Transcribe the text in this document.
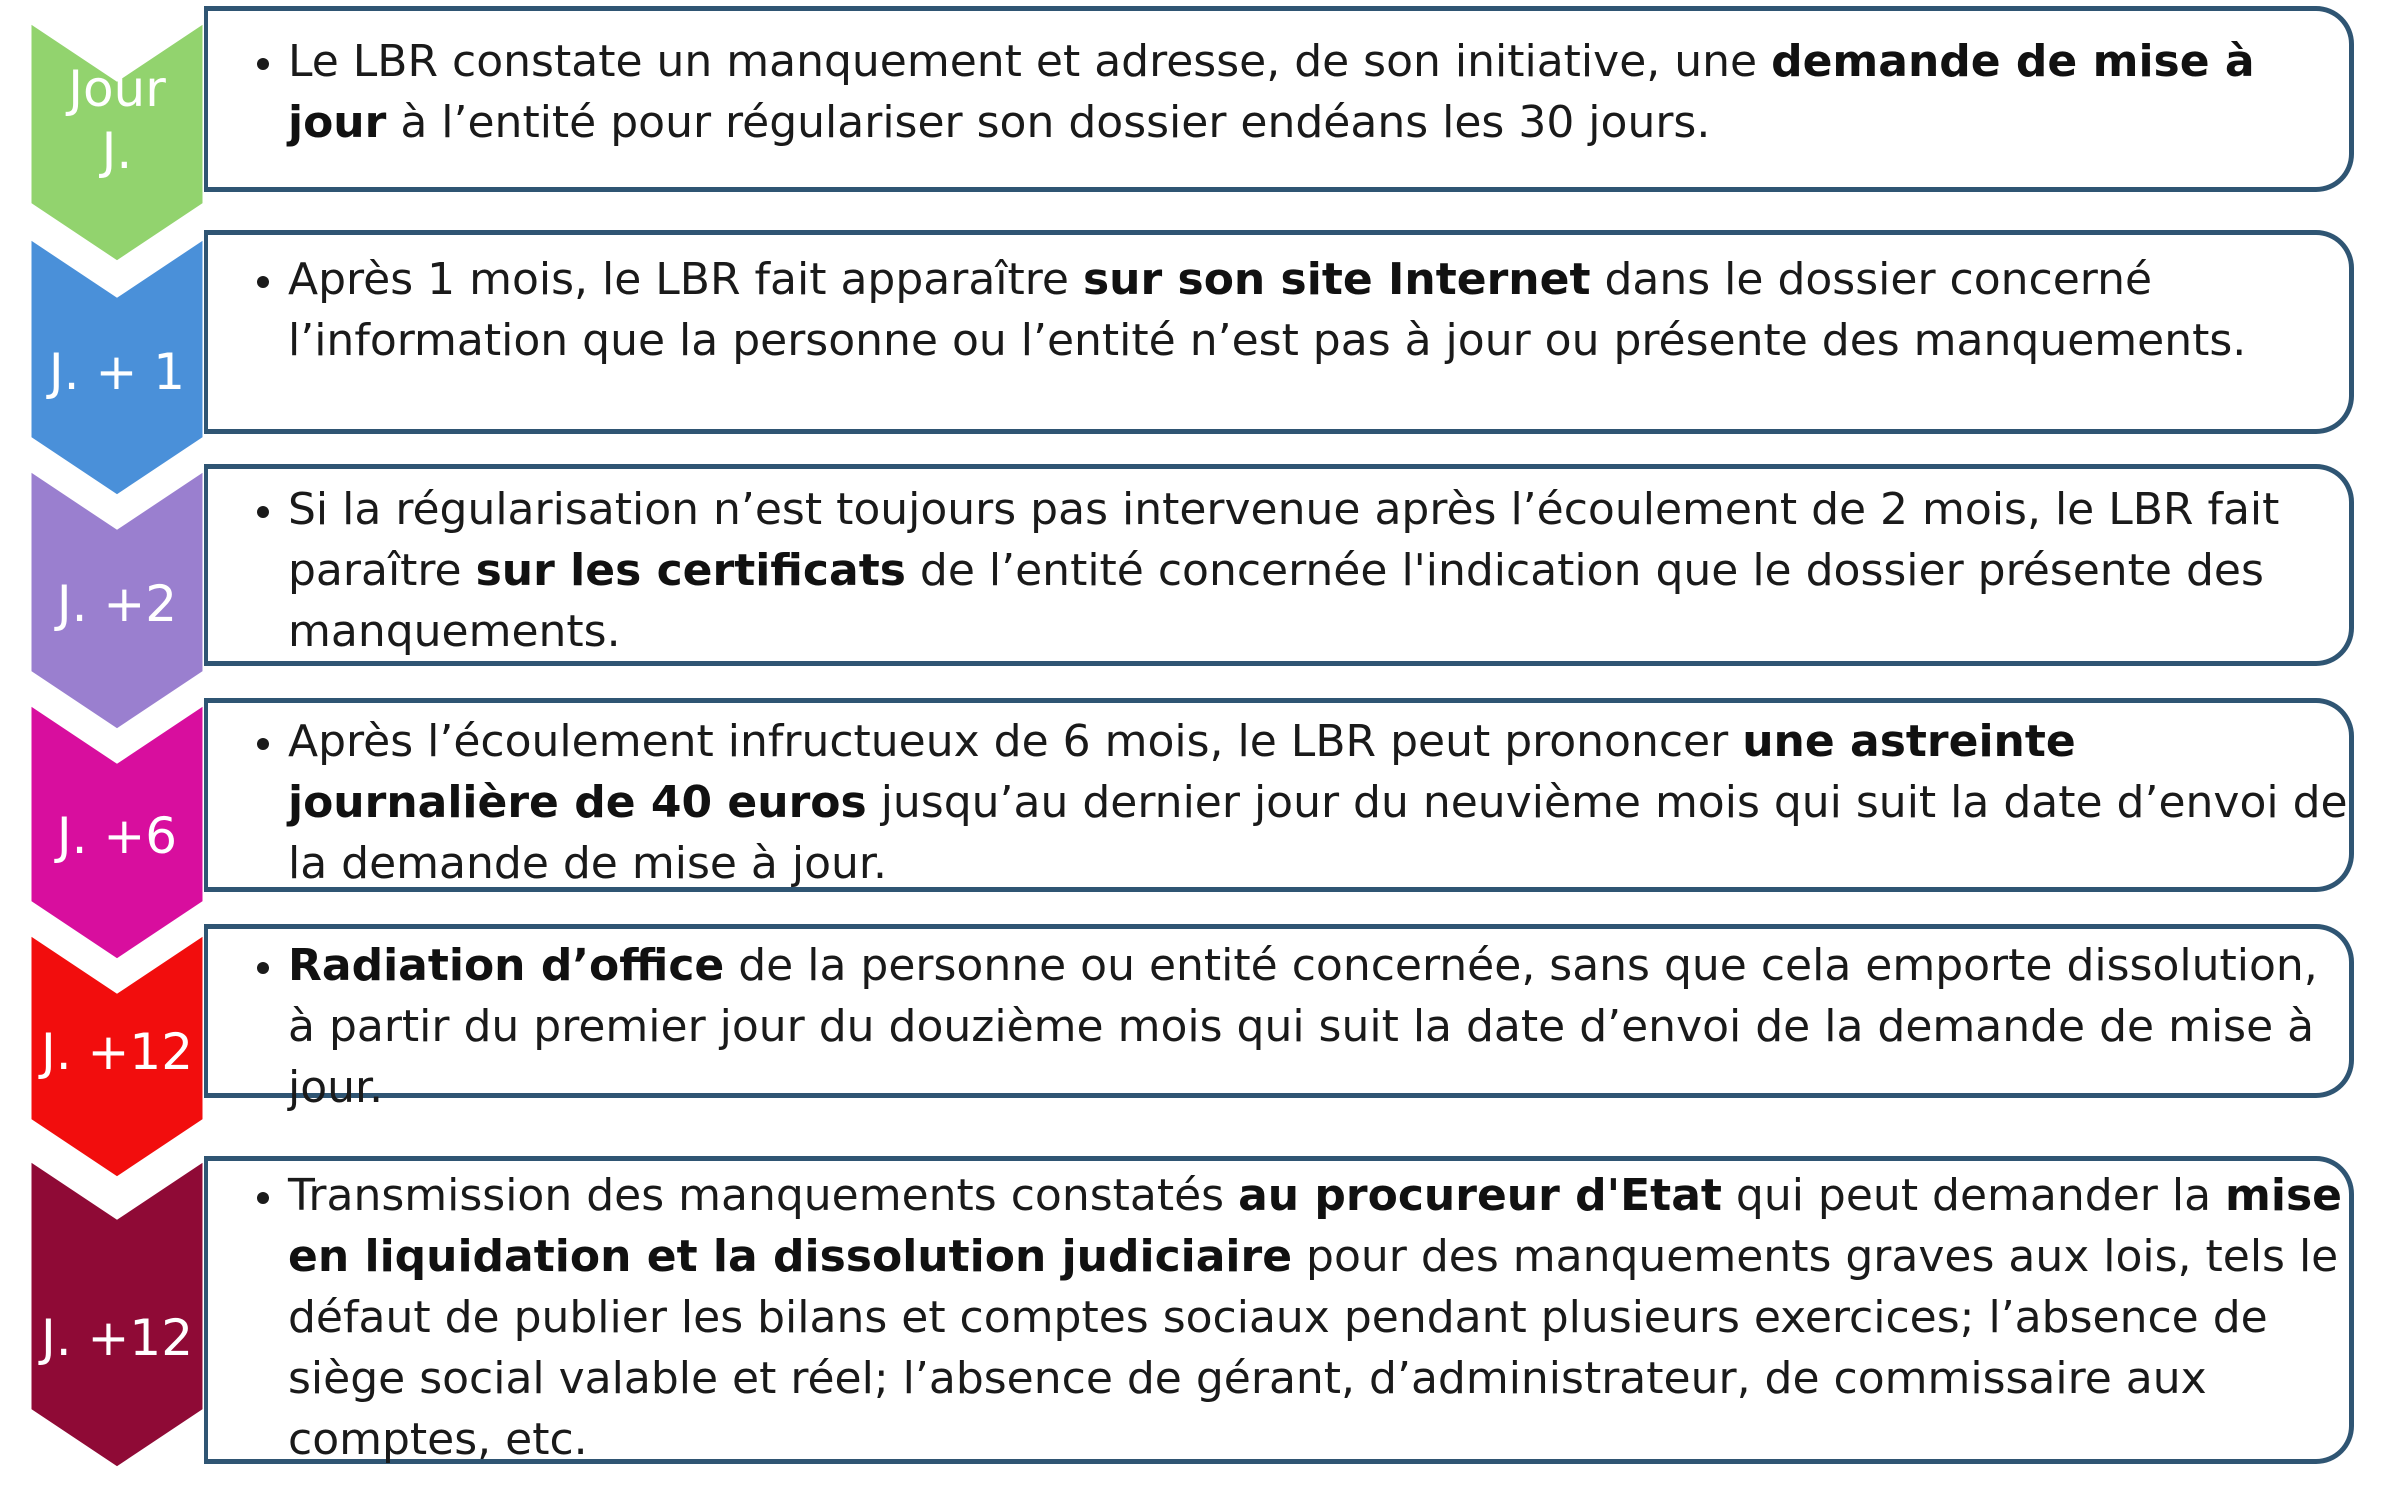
Jour
J.
J. + 1
J. +2
J. +6
J. +12
J. +12
• Le LBR constate un manquement et adresse, de son initiative, une demande de mise à jour à l’entité pour régulariser son dossier endéans les 30 jours.
• Après 1 mois, le LBR fait apparaître sur son site Internet dans le dossier concerné l’information que la personne ou l’entité n’est pas à jour ou présente des manquements.
• Si la régularisation n’est toujours pas intervenue après l’écoulement de 2 mois, le LBR fait paraître sur les certificats de l’entité concernée l'indication que le dossier présente des manquements.
• Après l’écoulement infructueux de 6 mois, le LBR peut prononcer une astreinte journalière de 40 euros jusqu’au dernier jour du neuvième mois qui suit la date d’envoi de la demande de mise à jour.
• Radiation d’office de la personne ou entité concernée, sans que cela emporte dissolution, à partir du premier jour du douzième mois qui suit la date d’envoi de la demande de mise à jour.
• Transmission des manquements constatés au procureur d'Etat qui peut demander la mise en liquidation et la dissolution judiciaire pour des manquements graves aux lois, tels le défaut de publier les bilans et comptes sociaux pendant plusieurs exercices; l’absence de siège social valable et réel; l’absence de gérant, d’administrateur, de commissaire aux comptes, etc.
